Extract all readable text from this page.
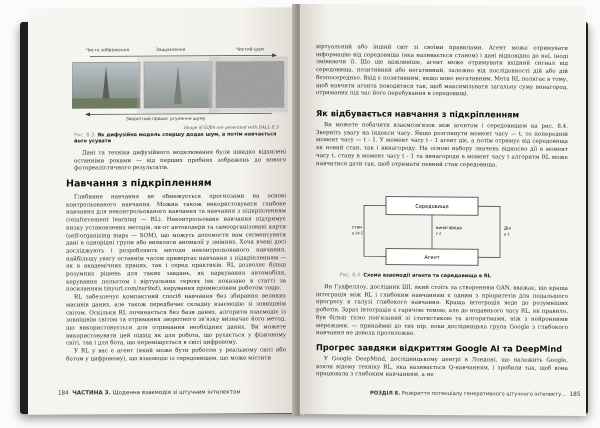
Чисте зображення	Зашумлення	Чистий шум
Зворотний процес усунення шуму
Image of Eiffel are generated with DALL-E 3
Рис. 8.3. Як дифузійна модель спершу додає шум, а потім навчається його усувати

Дані та техніка дифузійного моделювання були швидко відхилені останніми роками — від перших пробних зображень до нового фотореалістичного результатів.

Навчання з підкріпленням

Глибинне навчання не обмежується прогнозами на основі контрольованого навчання. Можна також використовувати глибоке навчання для неконтрольованого навчання та навчання з підкріпленням (reinforcement learning — RL). Неконтрольоване навчання підтримує низку установлених методів, як-от автокодери та самоорганізовані карти (self-organizing maps — SOM), що можуть допомогти вам сегментувати дані в однорідні групи або виявляти аномалії у змінних. Хоча вчені досі досліджують і розробляють методи неконтрольованого навчання, найбільшу увагу останнім часом привертає навчання з підкріпленням — як в академічних працях, так і серед практиків. RL дозволяє більш розумних рішень для таких завдань, як паркування автомобіля, керування польотом і віртуальних героях (як показано в статті за посиланням tinyurl.com/nsr9xd), керування промисловим роботом тощо.

RL забезпечує компактний спосіб навчання без збирання великих масивів даних, але також передбачає складну взаємодію зі зовнішнім світом. Оскільки RL починається без бази даних, алгоритм взаємодіє із зовнішнім світом та отримання зворотного зв'язку визначає його метод, що використовується для отримання необхідних даних. Ви можете використовувати цей підхід як для робота, що рухається у фізичному світі, так і для бота, що переміщується в світі цифровому.

У RL у вас є агент (який може бути роботом у реальному світі або ботом у цифровому), що взаємодіє із середовищем, що може містити

184 ЧАСТИНА 3. Щоденна взаємодія зі штучним інтелектом

віртуальний або інший світ зі своїми правилами. Агент може отримувати інформацію від середовища (яка називається станом) і дані відповідно до неї, іноді змінюючи її. Що ще важливіше, агент може отримувати вхідний сигнал від середовища, позитивний або негативний, залежно від послідовності дій або дій безпосередньо. Вхід є позитивним, якщо воно негативним. Мета RL полягає в тому, щоб навчити агента поводитися так, щоб максимізувати загальну суму винагород, отриманих під час його перебування в середовищі.

Як відбувається навчання з підкріпленням

Ви можете побачити взаємозв'язок між агентом і середовищем на рис. 8.4. Зверніть увагу на індекси часу. Якщо розглянути момент часу — t, то попередній момент часу — t - 1. У момент часу t - 1 агент діє, а потім отримує від середовища як новий стан, так і винагороду. На основі набору значень відносно дії в момент часу t, стану в момент часу t - 1 та винагороди в момент часу t алгоритм RL може навчитися дати так, щоб отримати певний стан середовища.

Середовище
Агент
Дія
a t
стан
s t+1
винагорода
r t
Рис. 8.4. Схема взаємодії агента та середовища в RL

Ян Гудфеллоу, дослідник ШІ, який стоїть за створенням GAN, вважає, що краща інтеграція між RL і глибоким навчанням є одним з пріоритетів для подальшого прогресу в галузі глибокого навчання. Краща інтеграція веде до розумніших роботів. Зараз інтеграція є гарячою темою, але до недавнього часу RL, як правило, був більш тісно пов'язаний зі статистикою та алгоритмами, ніж з нейронними мережами, — принаймні до тих пір, поки дослідницька група Google з глибокого навчання не довела протилежне.

Прогрес завдяки відкриттям Google AI та DeepMind

У Google DeepMind, дослідницькому центрі в Лондоні, що належить Google, взяли відому техніку RL, яка називається Q-навчанням, і зробили так, щоб вона працювала з глибоким навчанням, а не

РОЗДІЛ 8. Розкриття потенціалу генеративного штучного інтелекту... 185
